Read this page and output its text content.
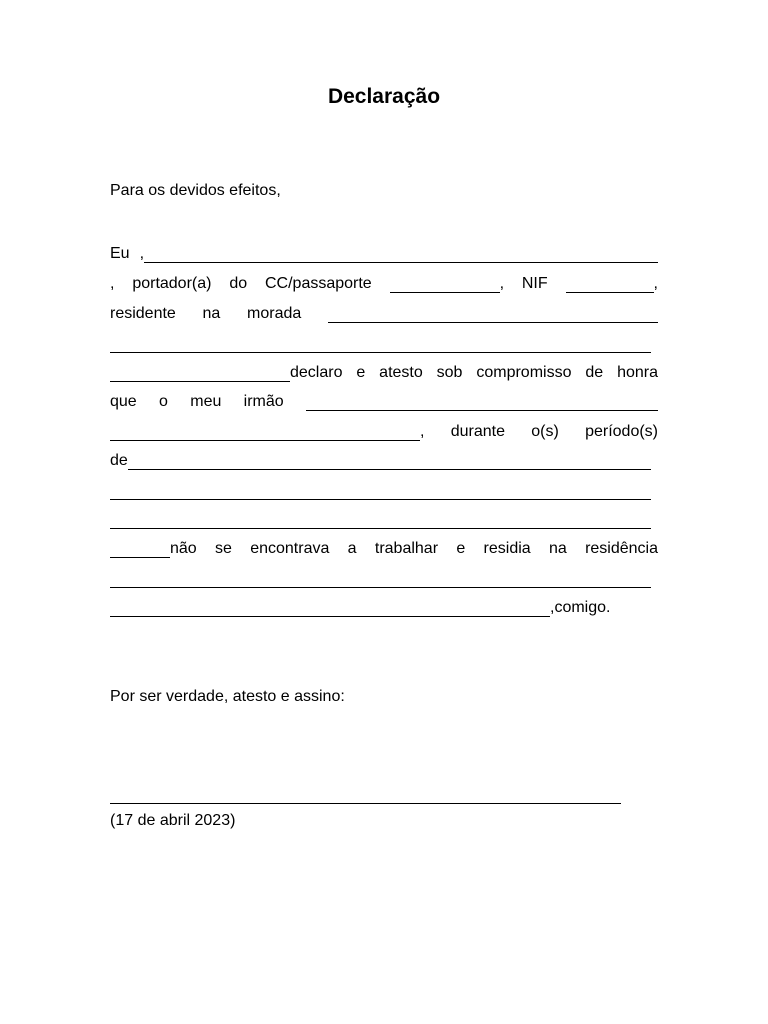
Declaração
Para os devidos efeitos,
Eu ,
, portador(a) do CC/passaporte	, NIF	,
residente na morada
declaro e atesto sob compromisso de honra
que o meu irmão
, durante o(s) período(s)
de
não se encontrava a trabalhar e residia na residência
,comigo.
Por ser verdade, atesto e assino:
(17 de abril 2023)
